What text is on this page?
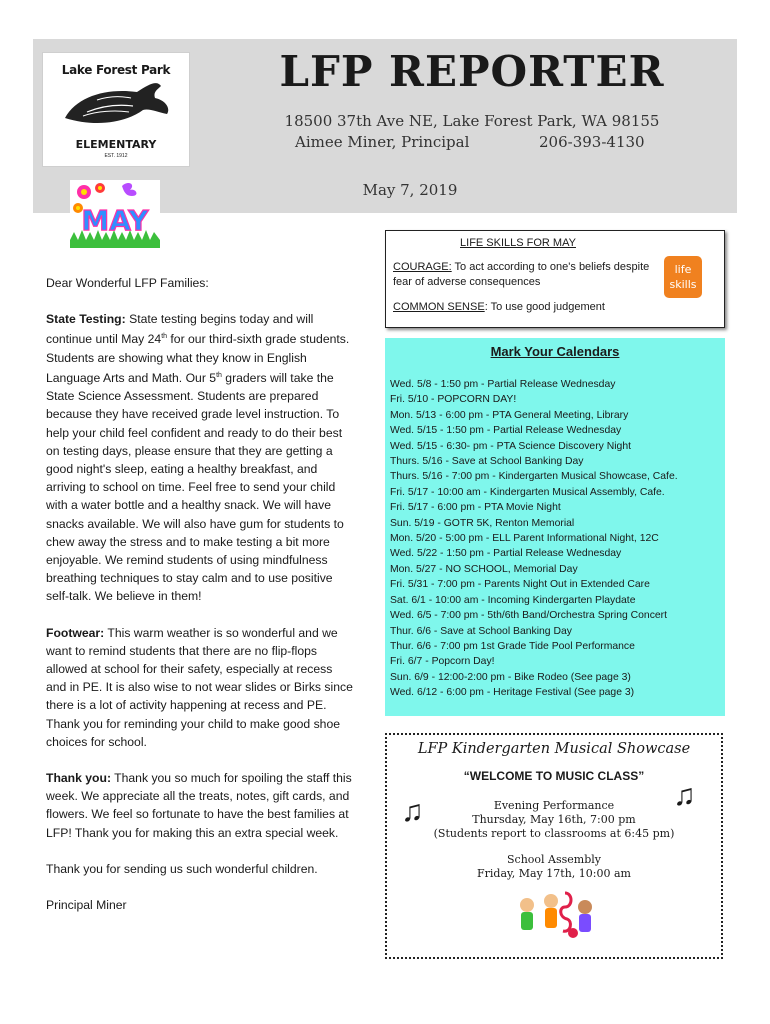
Lake Forest Park
ELEMENTARY
EST. 1912
LFP REPORTER
18500 37th Ave NE, Lake Forest Park, WA 98155
Aimee Miner, Principal	206-393-4130
May 7, 2019
MAY

Dear Wonderful LFP Families:

State Testing: State testing begins today and will continue until May 24th for our third-sixth grade students. Students are showing what they know in English Language Arts and Math. Our 5th graders will take the State Science Assessment. Students are prepared because they have received grade level instruction. To help your child feel confident and ready to do their best on testing days, please ensure that they are getting a good night's sleep, eating a healthy breakfast, and arriving to school on time. Feel free to send your child with a water bottle and a healthy snack. We will have snacks available. We will also have gum for students to chew away the stress and to make testing a bit more enjoyable. We remind students of using mindfulness breathing techniques to stay calm and to use positive self-talk. We believe in them!

Footwear: This warm weather is so wonderful and we want to remind students that there are no flip-flops allowed at school for their safety, especially at recess and in PE. It is also wise to not wear slides or Birks since there is a lot of activity happening at recess and PE. Thank you for reminding your child to make good shoe choices for school.

Thank you: Thank you so much for spoiling the staff this week. We appreciate all the treats, notes, gift cards, and flowers. We feel so fortunate to have the best families at LFP! Thank you for making this an extra special week.

Thank you for sending us such wonderful children.

Principal Miner

LIFE SKILLS FOR MAY
COURAGE: To act according to one's beliefs despite fear of adverse consequences
COMMON SENSE: To use good judgement
life
skills
Mark Your Calendars
Wed. 5/8 - 1:50 pm - Partial Release Wednesday
Fri. 5/10 - POPCORN DAY!
Mon. 5/13 - 6:00 pm - PTA General Meeting, Library
Wed. 5/15 - 1:50 pm - Partial Release Wednesday
Wed. 5/15 - 6:30- pm - PTA Science Discovery Night
Thurs. 5/16 - Save at School Banking Day
Thurs. 5/16 - 7:00 pm - Kindergarten Musical Showcase, Cafe.
Fri. 5/17 - 10:00 am - Kindergarten Musical Assembly, Cafe.
Fri. 5/17 - 6:00 pm - PTA Movie Night
Sun. 5/19 - GOTR 5K, Renton Memorial
Mon. 5/20 - 5:00 pm - ELL Parent Informational Night, 12C
Wed. 5/22 - 1:50 pm - Partial Release Wednesday
Mon. 5/27 - NO SCHOOL, Memorial Day
Fri. 5/31 - 7:00 pm - Parents Night Out in Extended Care
Sat. 6/1 - 10:00 am - Incoming Kindergarten Playdate
Wed. 6/5 - 7:00 pm - 5th/6th Band/Orchestra Spring Concert
Thur. 6/6 - Save at School Banking Day
Thur. 6/6 - 7:00 pm 1st Grade Tide Pool Performance
Fri. 6/7 - Popcorn Day!
Sun. 6/9 - 12:00-2:00 pm - Bike Rodeo (See page 3)
Wed. 6/12 - 6:00 pm - Heritage Festival (See page 3)
LFP Kindergarten Musical Showcase
“WELCOME TO MUSIC CLASS”
♫	♫
Evening Performance
Thursday, May 16th, 7:00 pm
(Students report to classrooms at 6:45 pm)
School Assembly
Friday, May 17th, 10:00 am
